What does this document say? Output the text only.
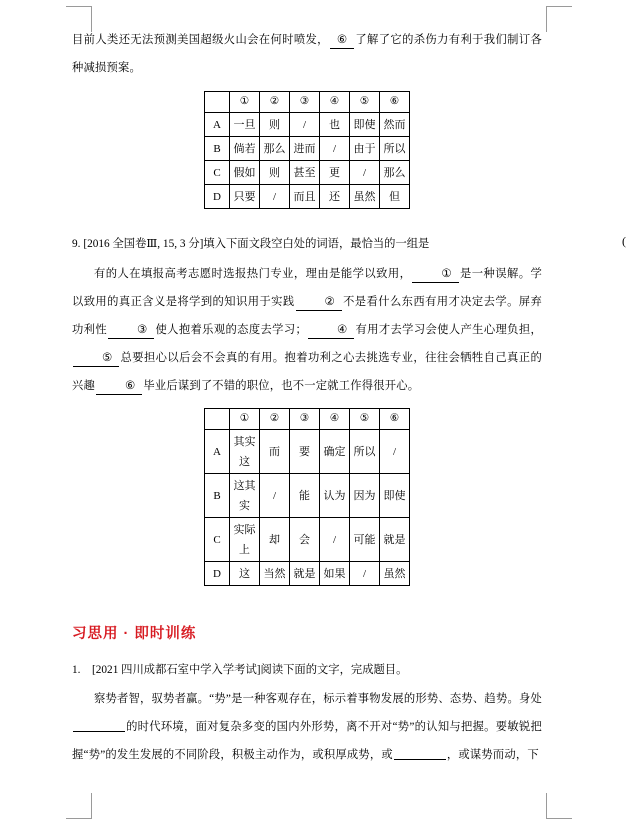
目前人类还无法预测美国超级火山会在何时喷发， ⑥ 了解了它的杀伤力有利于我们制订各种减损预案。

	①	②	③	④	⑤	⑥
A	一旦	则	/	也	即使	然而
B	倘若	那么	进而	/	由于	所以
C	假如	则	甚至	更	/	那么
D	只要	/	而且	还	虽然	但

9. [2016 全国卷Ⅲ, 15, 3 分]填入下面文段空白处的词语，最恰当的一组是

有的人在填报高考志愿时选报热门专业，理由是能学以致用，	① 是一种误解。学以致用的真正含义是将学到的知识用于实践	② 不是看什么东西有用才决定去学。屏弃功利性	③ 使人抱着乐观的态度去学习；	④ 有用才去学习会使人产生心理负担，⑤ 总要担心以后会不会真的有用。抱着功利之心去挑选专业，往往会牺牲自己真正的兴趣	⑥ 毕业后谋到了不错的职位，也不一定就工作得很开心。

	①	②	③	④	⑤	⑥
A	其实这	而	要	确定	所以	/
B	这其实	/	能	认为	因为	即使
C	实际上	却	会	/	可能	就是
D	这	当然	就是	如果	/	虽然

习思用 · 即时训练

1. [2021 四川成都石室中学入学考试]阅读下面的文字，完成题目。

察势者智，驭势者赢。“势”是一种客观存在，标示着事物发展的形势、态势、趋势。身处的时代环境，面对复杂多变的国内外形势，离不开对“势”的认知与把握。要敏锐把握“势”的发生发展的不同阶段，积极主动作为，或积厚成势，或	，或谋势而动，下

(
